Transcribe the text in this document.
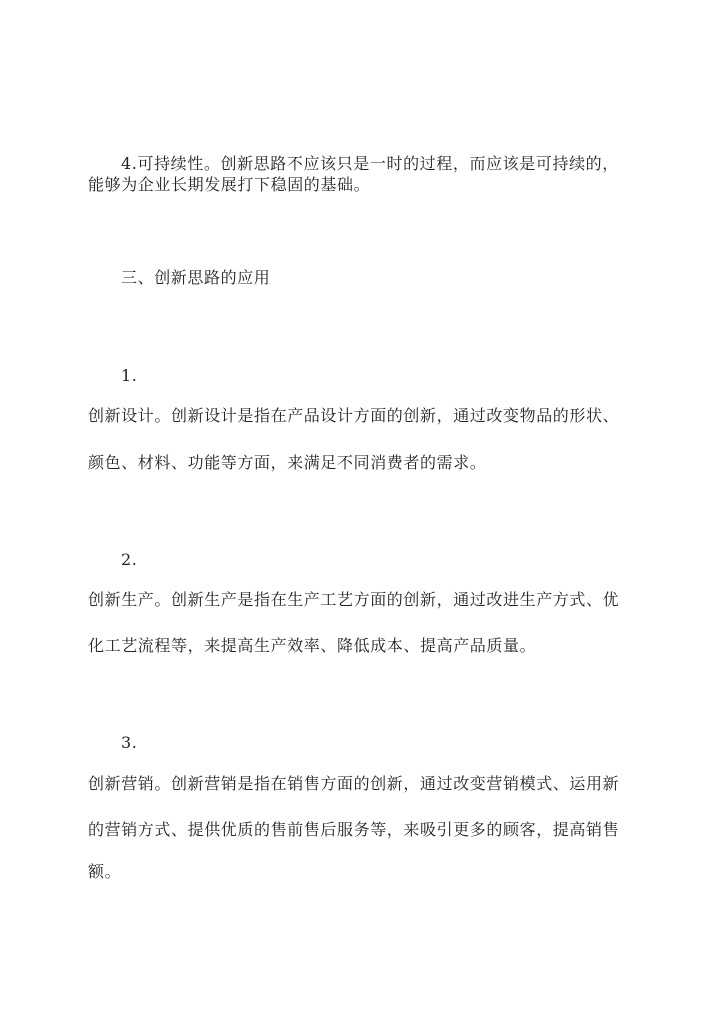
4.可持续性。创新思路不应该只是一时的过程，而应该是可持续的，
能够为企业长期发展打下稳固的基础。
三、创新思路的应用
1.
创新设计。创新设计是指在产品设计方面的创新，通过改变物品的形状、
颜色、材料、功能等方面，来满足不同消费者的需求。
2.
创新生产。创新生产是指在生产工艺方面的创新，通过改进生产方式、优
化工艺流程等，来提高生产效率、降低成本、提高产品质量。
3.
创新营销。创新营销是指在销售方面的创新，通过改变营销模式、运用新
的营销方式、提供优质的售前售后服务等，来吸引更多的顾客，提高销售
额。
